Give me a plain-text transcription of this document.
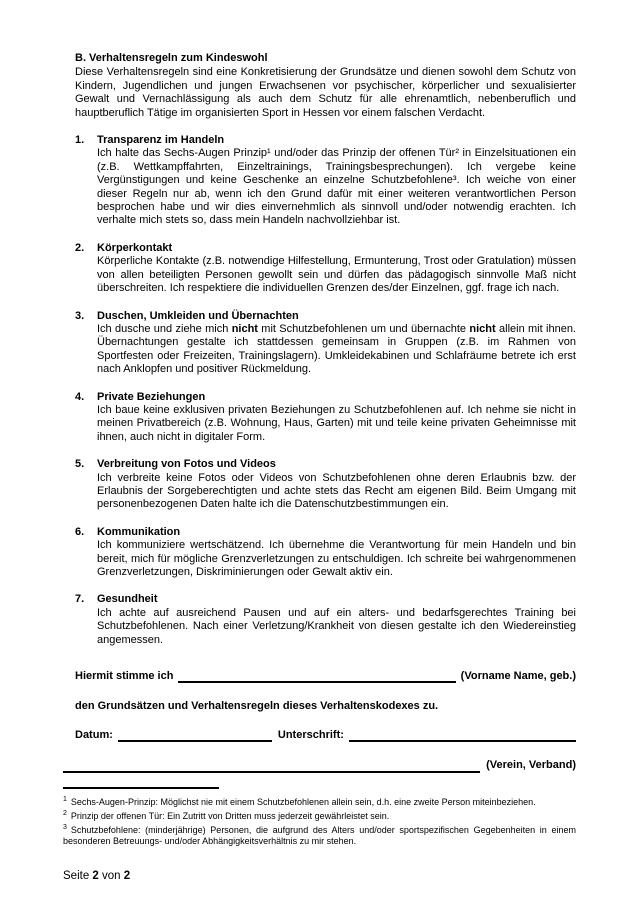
B. Verhaltensregeln zum Kindeswohl
Diese Verhaltensregeln sind eine Konkretisierung der Grundsätze und dienen sowohl dem Schutz von Kindern, Jugendlichen und jungen Erwachsenen vor psychischer, körperlicher und sexualisierter Gewalt und Vernachlässigung als auch dem Schutz für alle ehrenamtlich, nebenberuflich und hauptberuflich Tätige im organisierten Sport in Hessen vor einem falschen Verdacht.
1.	Transparenz im Handeln
Ich halte das Sechs-Augen Prinzip¹ und/oder das Prinzip der offenen Tür² in Einzelsituationen ein (z.B. Wettkampffahrten, Einzeltrainings, Trainingsbesprechungen). Ich vergebe keine Vergünstigungen und keine Geschenke an einzelne Schutzbefohlene³. Ich weiche von einer dieser Regeln nur ab, wenn ich den Grund dafür mit einer weiteren verantwortlichen Person besprochen habe und wir dies einvernehmlich als sinnvoll und/oder notwendig erachten. Ich verhalte mich stets so, dass mein Handeln nachvollziehbar ist.
2.	Körperkontakt
Körperliche Kontakte (z.B. notwendige Hilfestellung, Ermunterung, Trost oder Gratulation) müssen von allen beteiligten Personen gewollt sein und dürfen das pädagogisch sinnvolle Maß nicht überschreiten. Ich respektiere die individuellen Grenzen des/der Einzelnen, ggf. frage ich nach.
3.	Duschen, Umkleiden und Übernachten
Ich dusche und ziehe mich nicht mit Schutzbefohlenen um und übernachte nicht allein mit ihnen. Übernachtungen gestalte ich stattdessen gemeinsam in Gruppen (z.B. im Rahmen von Sportfesten oder Freizeiten, Trainingslagern). Umkleidekabinen und Schlafräume betrete ich erst nach Anklopfen und positiver Rückmeldung.
4.	Private Beziehungen
Ich baue keine exklusiven privaten Beziehungen zu Schutzbefohlenen auf. Ich nehme sie nicht in meinen Privatbereich (z.B. Wohnung, Haus, Garten) mit und teile keine privaten Geheimnisse mit ihnen, auch nicht in digitaler Form.
5.	Verbreitung von Fotos und Videos
Ich verbreite keine Fotos oder Videos von Schutzbefohlenen ohne deren Erlaubnis bzw. der Erlaubnis der Sorgeberechtigten und achte stets das Recht am eigenen Bild. Beim Umgang mit personenbezogenen Daten halte ich die Datenschutzbestimmungen ein.
6.	Kommunikation
Ich kommuniziere wertschätzend. Ich übernehme die Verantwortung für mein Handeln und bin bereit, mich für mögliche Grenzverletzungen zu entschuldigen. Ich schreite bei wahrgenommenen Grenzverletzungen, Diskriminierungen oder Gewalt aktiv ein.
7.	Gesundheit
Ich achte auf ausreichend Pausen und auf ein alters- und bedarfsgerechtes Training bei Schutzbefohlenen. Nach einer Verletzung/Krankheit von diesen gestalte ich den Wiedereinstieg angemessen.
Hiermit stimme ich	(Vorname Name, geb.)
den Grundsätzen und Verhaltensregeln dieses Verhaltenskodexes zu.
Datum:	Unterschrift:
(Verein, Verband)
$^1$ Sechs-Augen-Prinzip: Möglichst nie mit einem Schutzbefohlenen allein sein, d.h. eine zweite Person miteinbeziehen.
$^2$ Prinzip der offenen Tür: Ein Zutritt von Dritten muss jederzeit gewährleistet sein.
$^3$ Schutzbefohlene: (minderjährige) Personen, die aufgrund des Alters und/oder sportspezifischen Gegebenheiten in einem besonderen Betreuungs- und/oder Abhängigkeitsverhältnis zu mir stehen.
Seite 2 von 2
